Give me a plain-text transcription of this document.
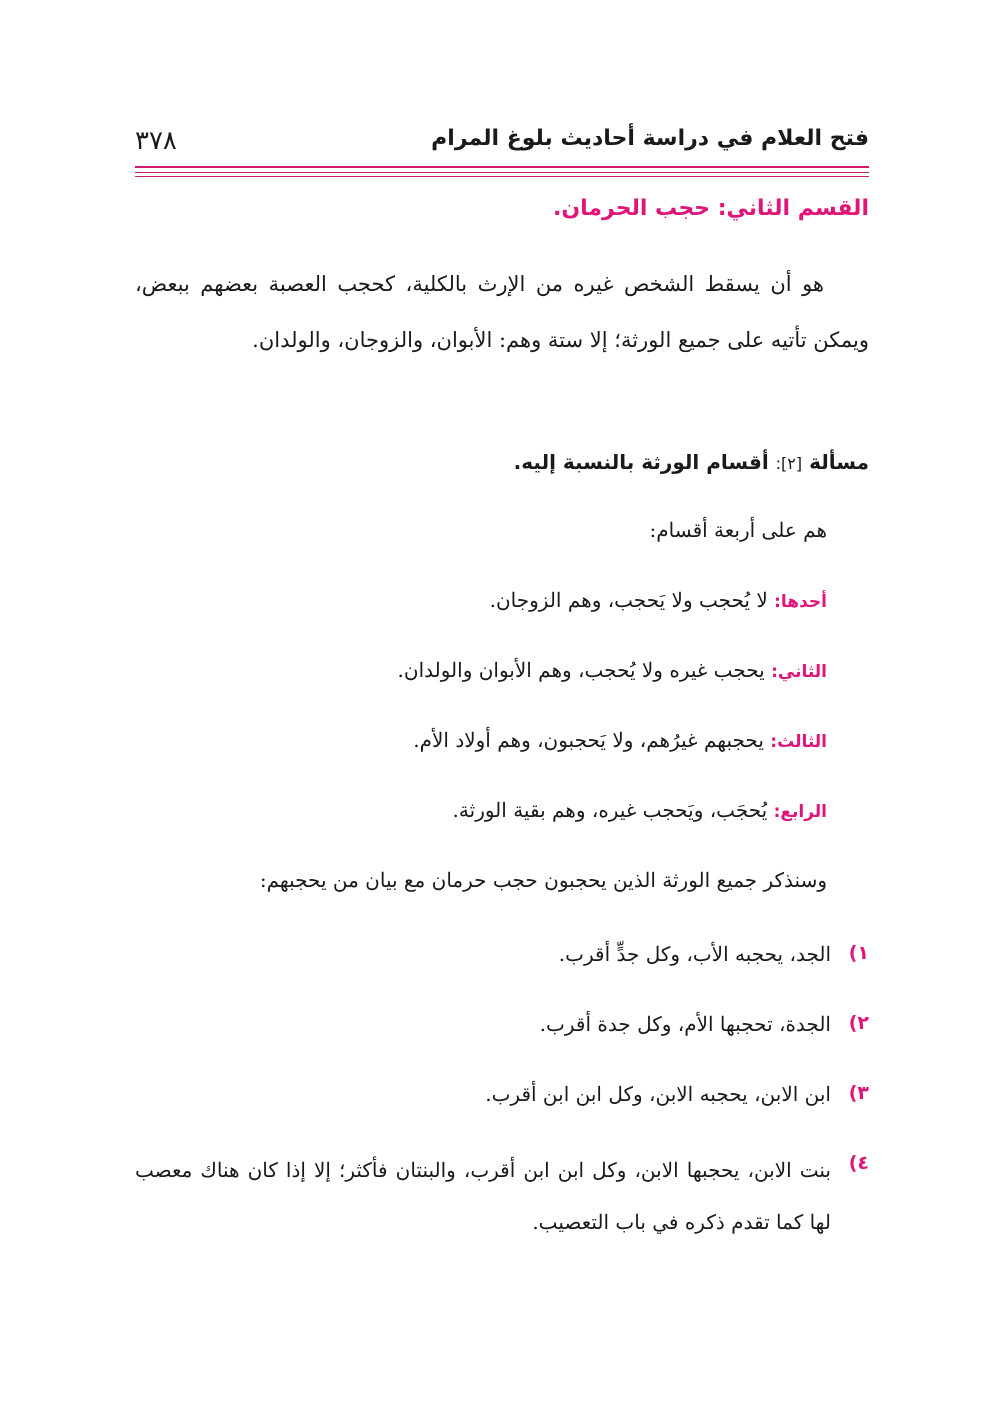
٣٧٨	فتح العلام في دراسة أحاديث بلوغ المرام
القسم الثاني: حجب الحرمان.
هو أن يسقط الشخص غيره من الإرث بالكلية، كحجب العصبة بعضهم ببعض، ويمكن تأتيه على جميع الورثة؛ إلا ستة وهم: الأبوان، والزوجان، والولدان.
مسألة [٢]: أقسام الورثة بالنسبة إليه.
هم على أربعة أقسام:
أحدها: لا يُحجب ولا يَحجب، وهم الزوجان.
الثاني: يحجب غيره ولا يُحجب، وهم الأبوان والولدان.
الثالث: يحجبهم غيرُهم، ولا يَحجبون، وهم أولاد الأم.
الرابع: يُحجَب، ويَحجب غيره، وهم بقية الورثة.
وسنذكر جميع الورثة الذين يحجبون حجب حرمان مع بيان من يحجبهم:
١)
الجد، يحجبه الأب، وكل جدٍّ أقرب.
٢)
الجدة، تحجبها الأم، وكل جدة أقرب.
٣)
ابن الابن، يحجبه الابن، وكل ابن ابن أقرب.
٤)
بنت الابن، يحجبها الابن، وكل ابن ابن أقرب، والبنتان فأكثر؛ إلا إذا كان هناك معصب لها كما تقدم ذكره في باب التعصيب.
